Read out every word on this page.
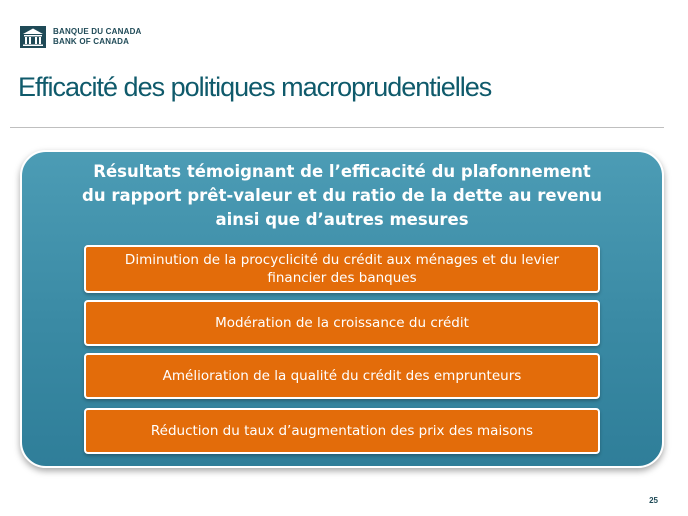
BANQUE DU CANADA
BANK OF CANADA
Efficacité des politiques macroprudentielles
Résultats témoignant de l’efficacité du plafonnement
du rapport prêt-valeur et du ratio de la dette au revenu
ainsi que d’autres mesures
Diminution de la procyclicité du crédit aux ménages et du levier financier des banques
Modération de la croissance du crédit
Amélioration de la qualité du crédit des emprunteurs
Réduction du taux d’augmentation des prix des maisons
25
